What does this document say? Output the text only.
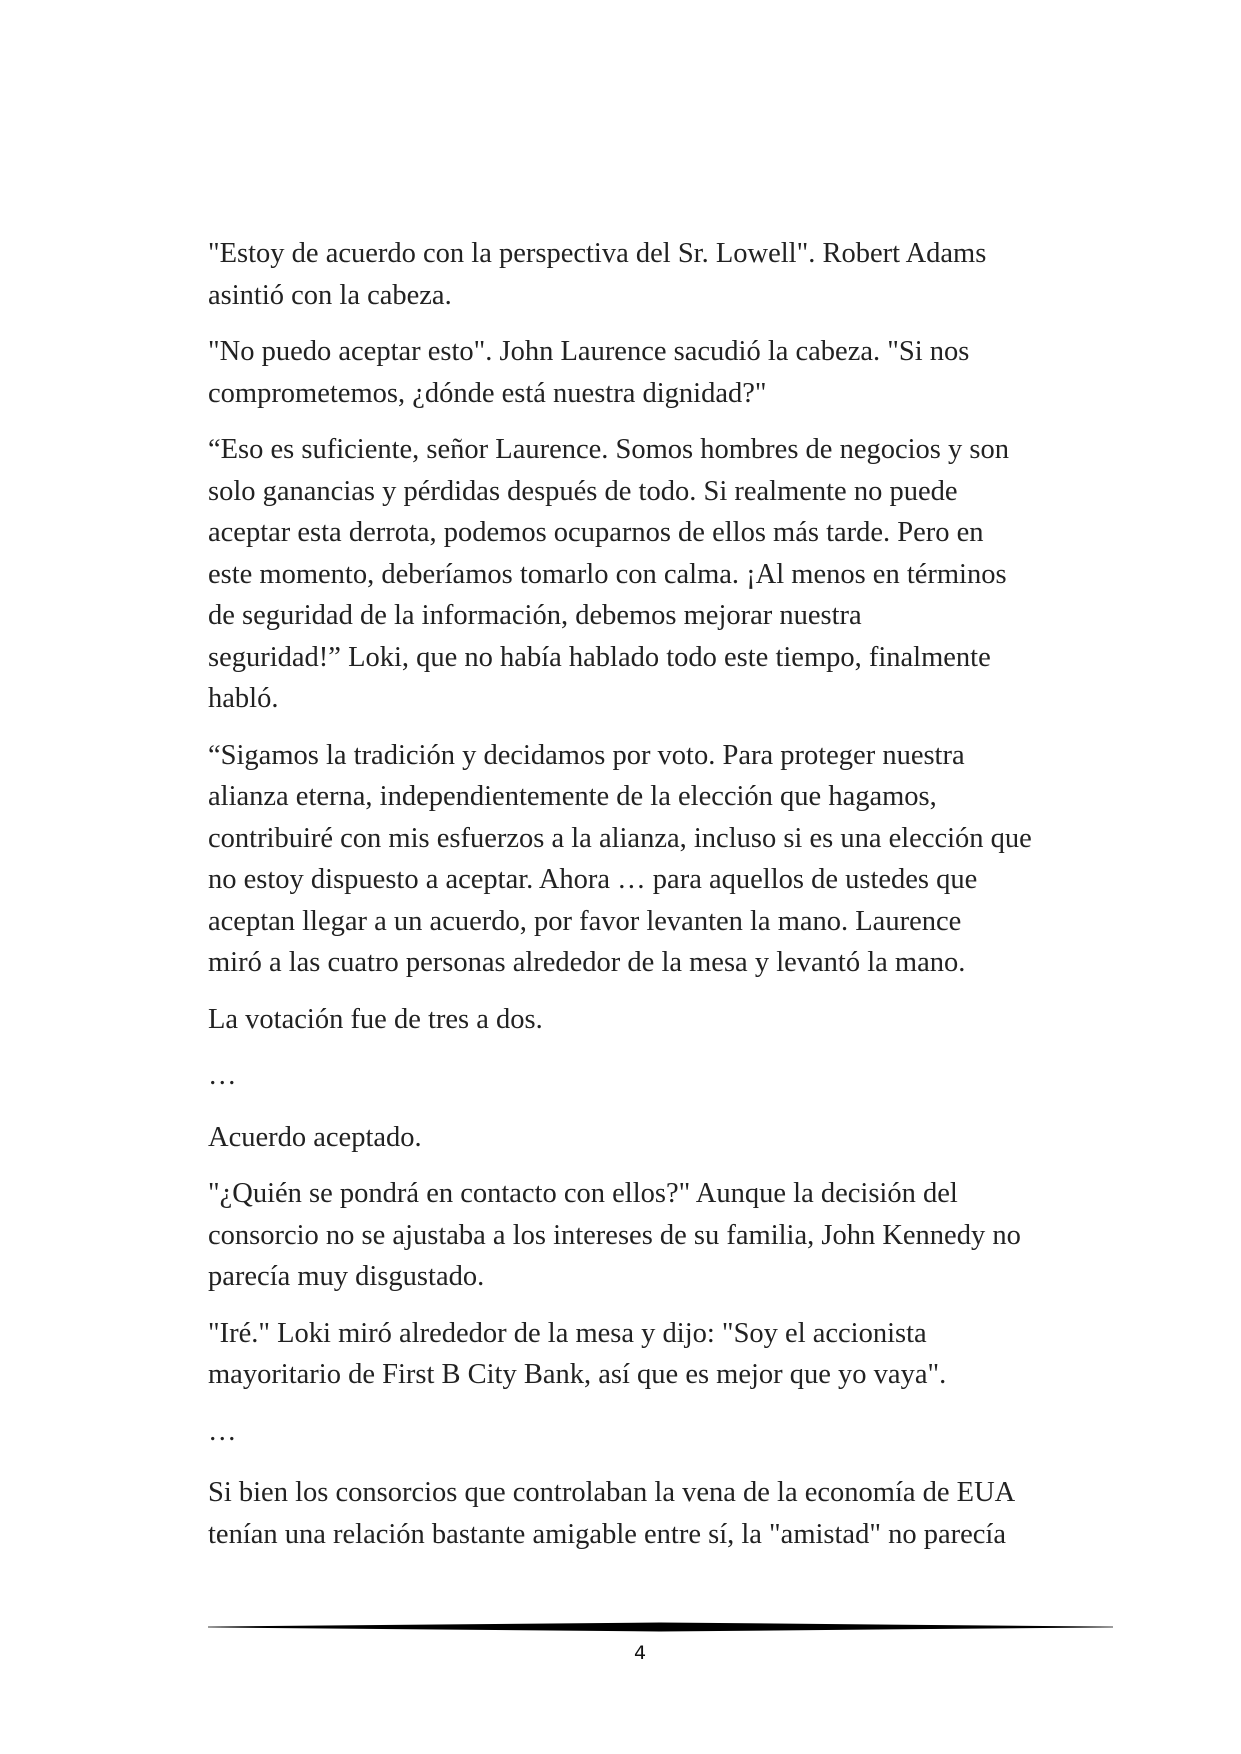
"Estoy de acuerdo con la perspectiva del Sr. Lowell". Robert Adams
asintió con la cabeza.

"No puedo aceptar esto". John Laurence sacudió la cabeza. "Si nos
comprometemos, ¿dónde está nuestra dignidad?"

“Eso es suficiente, señor Laurence. Somos hombres de negocios y son
solo ganancias y pérdidas después de todo. Si realmente no puede
aceptar esta derrota, podemos ocuparnos de ellos más tarde. Pero en
este momento, deberíamos tomarlo con calma. ¡Al menos en términos
de seguridad de la información, debemos mejorar nuestra
seguridad!” Loki, que no había hablado todo este tiempo, finalmente
habló.

“Sigamos la tradición y decidamos por voto. Para proteger nuestra
alianza eterna, independientemente de la elección que hagamos,
contribuiré con mis esfuerzos a la alianza, incluso si es una elección que
no estoy dispuesto a aceptar. Ahora … para aquellos de ustedes que
aceptan llegar a un acuerdo, por favor levanten la mano. Laurence
miró a las cuatro personas alrededor de la mesa y levantó la mano.

La votación fue de tres a dos.

…

Acuerdo aceptado.

"¿Quién se pondrá en contacto con ellos?" Aunque la decisión del
consorcio no se ajustaba a los intereses de su familia, John Kennedy no
parecía muy disgustado.

"Iré." Loki miró alrededor de la mesa y dijo: "Soy el accionista
mayoritario de First B City Bank, así que es mejor que yo vaya".

…

Si bien los consorcios que controlaban la vena de la economía de EUA
tenían una relación bastante amigable entre sí, la "amistad" no parecía

4
